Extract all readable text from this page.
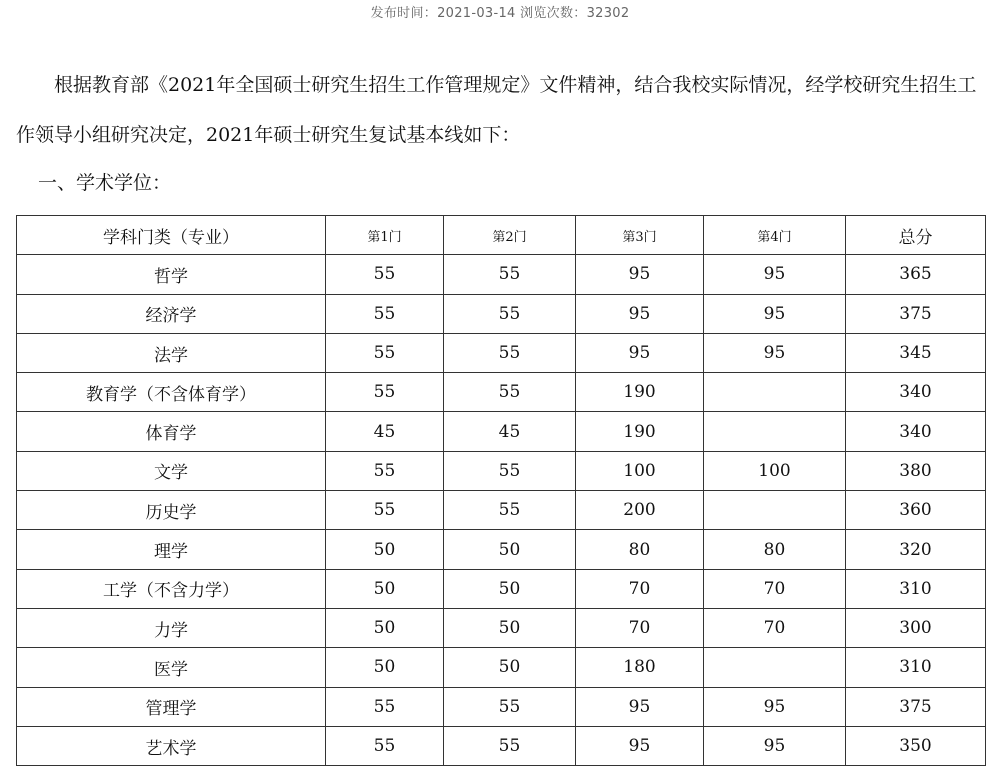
发布时间：2021-03-14 浏览次数：32302

根据教育部《2021年全国硕士研究生招生工作管理规定》文件精神，结合我校实际情况，经学校研究生招生工作领导小组研究决定，2021年硕士研究生复试基本线如下：

一、学术学位：

学科门类（专业）	第1门	第2门	第3门	第4门	总分
哲学	55	55	95	95	365
经济学	55	55	95	95	375
法学	55	55	95	95	345
教育学（不含体育学）	55	55	190		340
体育学	45	45	190		340
文学	55	55	100	100	380
历史学	55	55	200		360
理学	50	50	80	80	320
工学（不含力学）	50	50	70	70	310
力学	50	50	70	70	300
医学	50	50	180		310
管理学	55	55	95	95	375
艺术学	55	55	95	95	350
